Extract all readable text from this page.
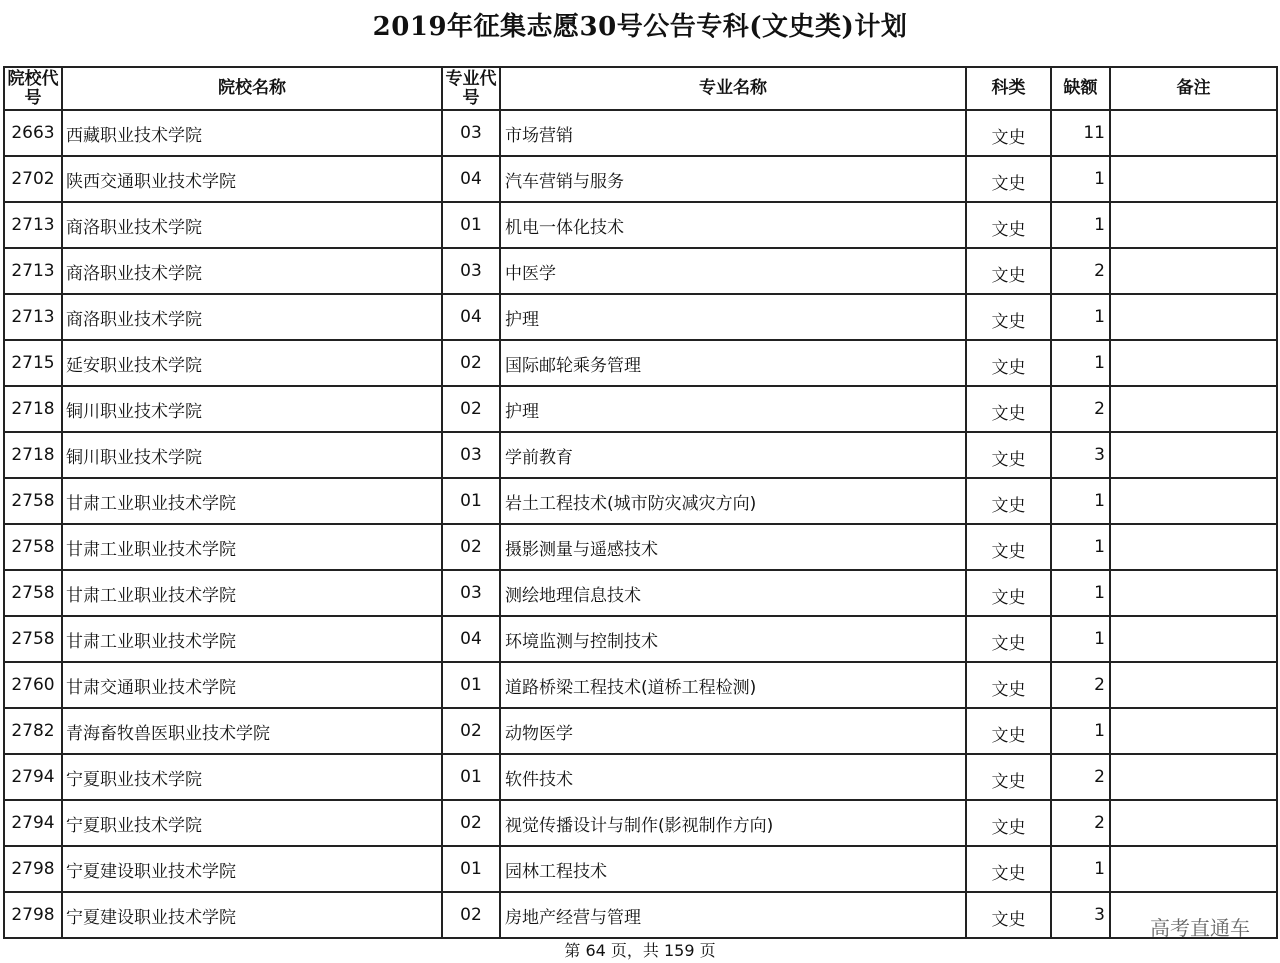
2019年征集志愿30号公告专科(文史类)计划
院校代号	院校名称	专业代号	专业名称	科类	缺额	备注
2663	西藏职业技术学院	03	市场营销	文史	11	
2702	陕西交通职业技术学院	04	汽车营销与服务	文史	1	
2713	商洛职业技术学院	01	机电一体化技术	文史	1	
2713	商洛职业技术学院	03	中医学	文史	2	
2713	商洛职业技术学院	04	护理	文史	1	
2715	延安职业技术学院	02	国际邮轮乘务管理	文史	1	
2718	铜川职业技术学院	02	护理	文史	2	
2718	铜川职业技术学院	03	学前教育	文史	3	
2758	甘肃工业职业技术学院	01	岩土工程技术(城市防灾减灾方向)	文史	1	
2758	甘肃工业职业技术学院	02	摄影测量与遥感技术	文史	1	
2758	甘肃工业职业技术学院	03	测绘地理信息技术	文史	1	
2758	甘肃工业职业技术学院	04	环境监测与控制技术	文史	1	
2760	甘肃交通职业技术学院	01	道路桥梁工程技术(道桥工程检测)	文史	2	
2782	青海畜牧兽医职业技术学院	02	动物医学	文史	1	
2794	宁夏职业技术学院	01	软件技术	文史	2	
2794	宁夏职业技术学院	02	视觉传播设计与制作(影视制作方向)	文史	2	
2798	宁夏建设职业技术学院	01	园林工程技术	文史	1	
2798	宁夏建设职业技术学院	02	房地产经营与管理	文史	3	
高考直通车
第 64 页，共 159 页
